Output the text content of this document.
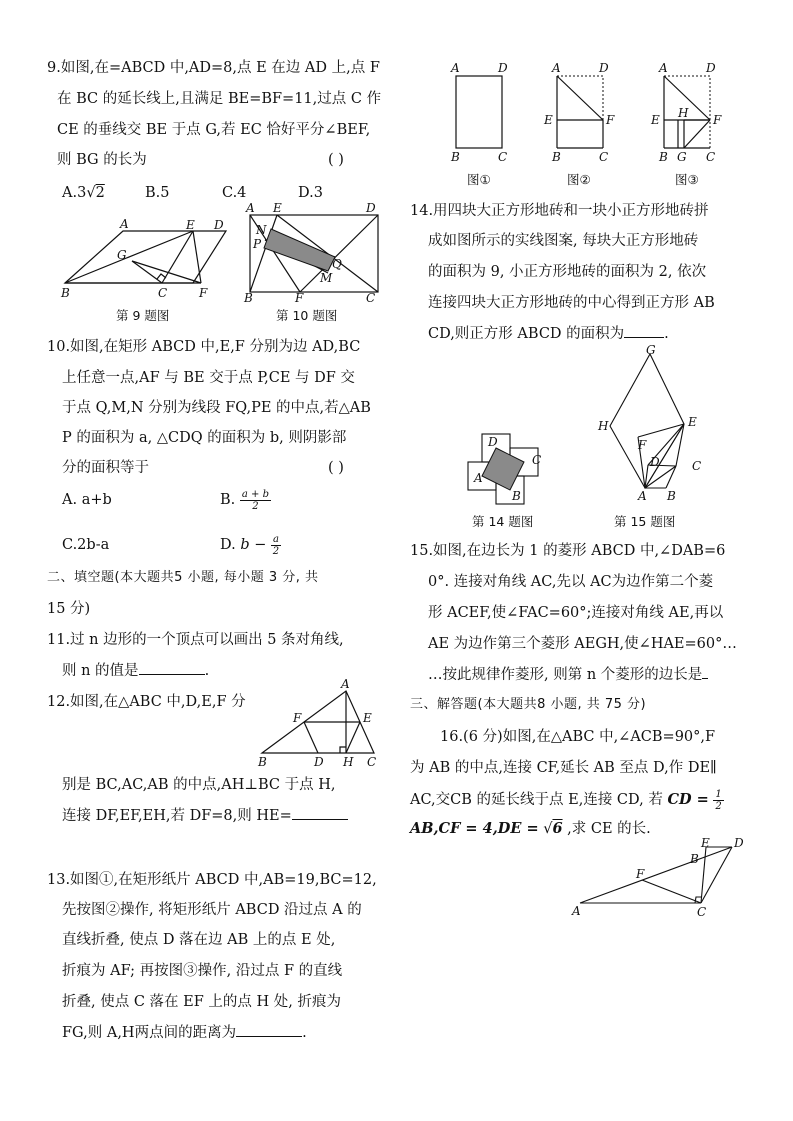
9.如图,在=ABCD 中,AD=8,点 E 在边 AD 上,点 F
在 BC 的延长线上,且满足 BE=BF=11,过点 C 作
CE 的垂线交 BE 于点 G,若 EC 恰好平分∠BEF,
则 BG 的长为	( )
A.3√2	B.5	C.4	D.3
A	E D
G
B	C	F
第 9 题图
A E	D
N
P
Q
M
B	F	C
第 10 题图
10.如图,在矩形 ABCD 中,E,F 分别为边 AD,BC
上任意一点,AF 与 BE 交于点 P,CE 与 DF 交
于点 Q,M,N 分别为线段 FQ,PE 的中点,若△AB
P 的面积为 a, △CDQ 的面积为 b, 则阴影部
分的面积等于	( )
A. a+b	B. $\frac{a + b}{2}$
C.2b-a	D. $b - \frac{a}{2}$
二、填空题(本大题共5 小题, 每小题 3 分, 共
15 分)
11.过 n 边形的一个顶点可以画出 5 条对角线,
则 n 的值是	.
12.如图,在△ABC 中,D,E,F 分
A
F	E
B	D H C
别是 BC,AC,AB 的中点,AH⊥BC 于点 H,
连接 DF,EF,EH,若 DF=8,则 HE=
13.如图①,在矩形纸片 ABCD 中,AB=19,BC=12,
先按图②操作, 将矩形纸片 ABCD 沿过点 A 的
直线折叠, 使点 D 落在边 AB 上的点 E 处,
折痕为 AF; 再按图③操作, 沿过点 F 的直线
折叠, 使点 C 落在 EF 上的点 H 处, 折痕为
FG,则 A,H两点间的距离为	.
A	D
B	C
A	D
E	F
B	C
A	D
E H F
B G C
图①	图②	图③
14.用四块大正方形地砖和一块小正方形地砖拼
成如图所示的实线图案, 每块大正方形地砖
的面积为 9, 小正方形地砖的面积为 2, 依次
连接四块大正方形地砖的中心得到正方形 AB
CD,则正方形 ABCD 的面积为	.
D
C
A
B
第 14 题图
G
H	E
F
D	C
A B
第 15 题图
15.如图,在边长为 1 的菱形 ABCD 中,∠DAB=6
0°. 连接对角线 AC,先以 AC为边作第二个菱
形 ACEF,使∠FAC=60°;连接对角线 AE,再以
AE 为边作第三个菱形 AEGH,使∠HAE=60°…
…按此规律作菱形, 则第 n 个菱形的边长是
三、解答题(本大题共8 小题, 共 75 分)
16.(6 分)如图,在△ABC 中,∠ACB=90°,F
为 AB 的中点,连接 CF,延长 AB 至点 D,作 DE∥
AC,交CB 的延长线于点 E,连接 CD, 若 CD = $\frac{1}{2}$
AB,CF = 4,DE = √6 ,求 CE 的长.
A
F
B
E D
C
